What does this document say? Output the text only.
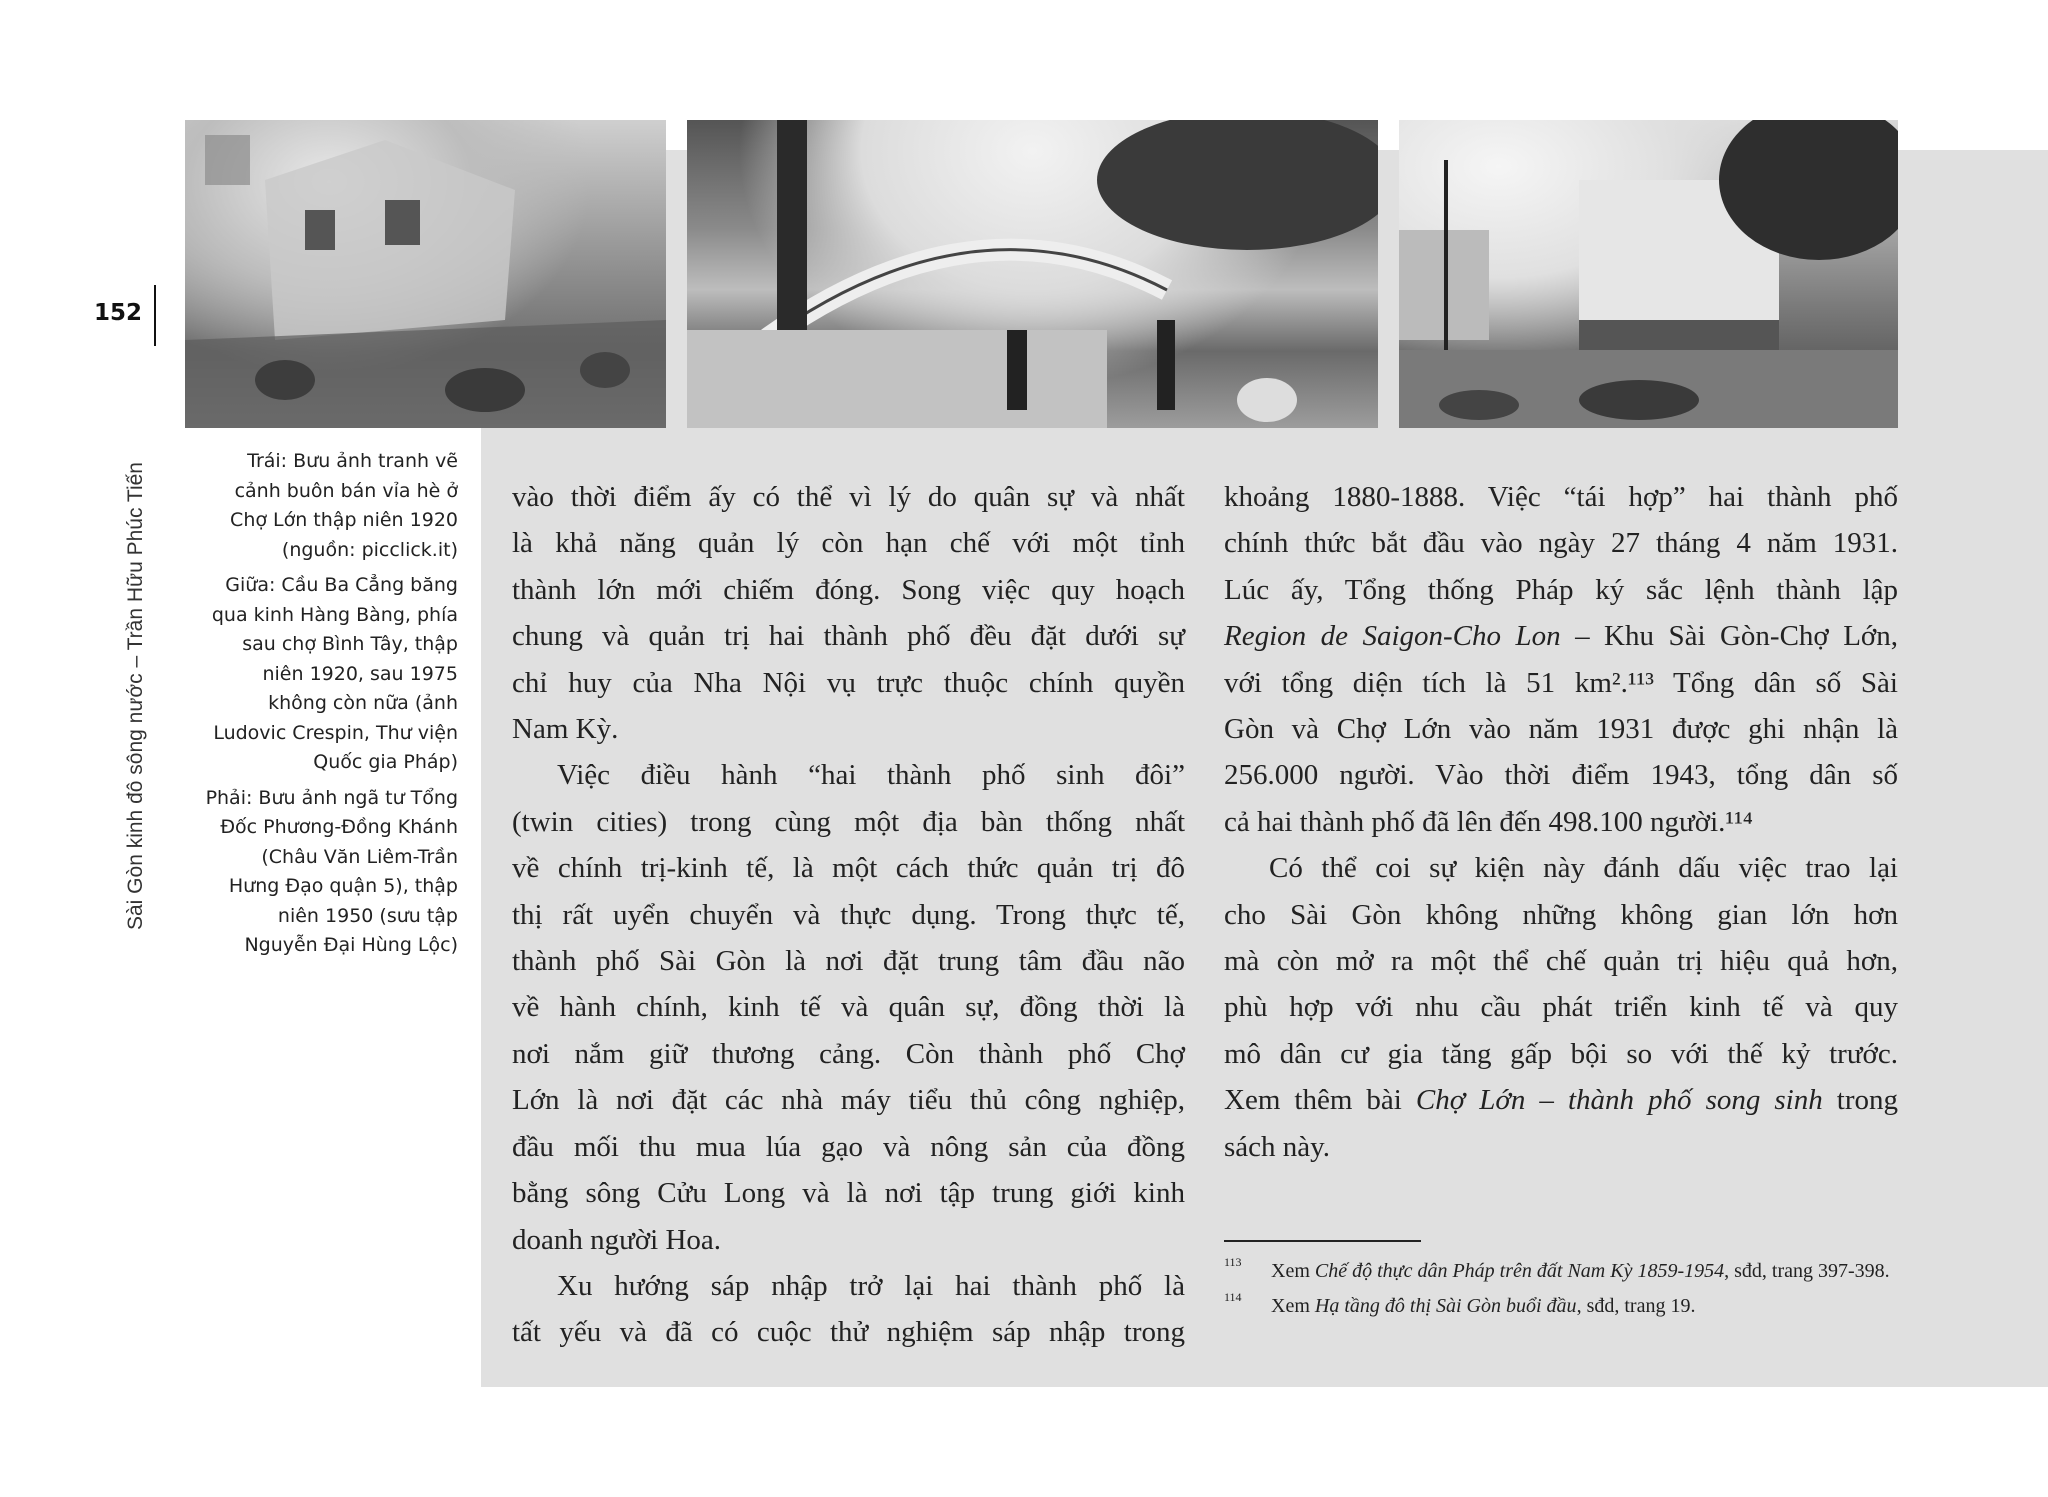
152
Sài Gòn kinh đô sông nước – Trần Hữu Phúc Tiến

Trái: Bưu ảnh tranh vẽ cảnh buôn bán vỉa hè ở Chợ Lớn thập niên 1920 (nguồn: picclick.it)

Giữa: Cầu Ba Cẳng băng qua kinh Hàng Bàng, phía sau chợ Bình Tây, thập niên 1920, sau 1975 không còn nữa (ảnh Ludovic Crespin, Thư viện Quốc gia Pháp)

Phải: Bưu ảnh ngã tư Tổng Đốc Phương-Đồng Khánh (Châu Văn Liêm-Trần Hưng Đạo quận 5), thập niên 1950 (sưu tập Nguyễn Đại Hùng Lộc)

vào thời điểm ấy có thể vì lý do quân sự và nhất
là khả năng quản lý còn hạn chế với một tỉnh
thành lớn mới chiếm đóng. Song việc quy hoạch
chung và quản trị hai thành phố đều đặt dưới sự
chỉ huy của Nha Nội vụ trực thuộc chính quyền
Nam Kỳ.
Việc điều hành “hai thành phố sinh đôi”
(twin cities) trong cùng một địa bàn thống nhất
về chính trị-kinh tế, là một cách thức quản trị đô
thị rất uyển chuyển và thực dụng. Trong thực tế,
thành phố Sài Gòn là nơi đặt trung tâm đầu não
về hành chính, kinh tế và quân sự, đồng thời là
nơi nắm giữ thương cảng. Còn thành phố Chợ
Lớn là nơi đặt các nhà máy tiểu thủ công nghiệp,
đầu mối thu mua lúa gạo và nông sản của đồng
bằng sông Cửu Long và là nơi tập trung giới kinh
doanh người Hoa.
Xu hướng sáp nhập trở lại hai thành phố là
tất yếu và đã có cuộc thử nghiệm sáp nhập trong
khoảng 1880-1888. Việc “tái hợp” hai thành phố
chính thức bắt đầu vào ngày 27 tháng 4 năm 1931.
Lúc ấy, Tổng thống Pháp ký sắc lệnh thành lập
Region de Saigon-Cho Lon – Khu Sài Gòn-Chợ Lớn,
với tổng diện tích là 51 km².¹¹³ Tổng dân số Sài
Gòn và Chợ Lớn vào năm 1931 được ghi nhận là
256.000 người. Vào thời điểm 1943, tổng dân số
cả hai thành phố đã lên đến 498.100 người.¹¹⁴
Có thể coi sự kiện này đánh dấu việc trao lại
cho Sài Gòn không những không gian lớn hơn
mà còn mở ra một thể chế quản trị hiệu quả hơn,
phù hợp với nhu cầu phát triển kinh tế và quy
mô dân cư gia tăng gấp bội so với thế kỷ trước.
Xem thêm bài Chợ Lớn – thành phố song sinh trong
sách này.
113 Xem Chế độ thực dân Pháp trên đất Nam Kỳ 1859-1954, sđd, trang 397-398.
114 Xem Hạ tầng đô thị Sài Gòn buổi đầu, sđd, trang 19.
